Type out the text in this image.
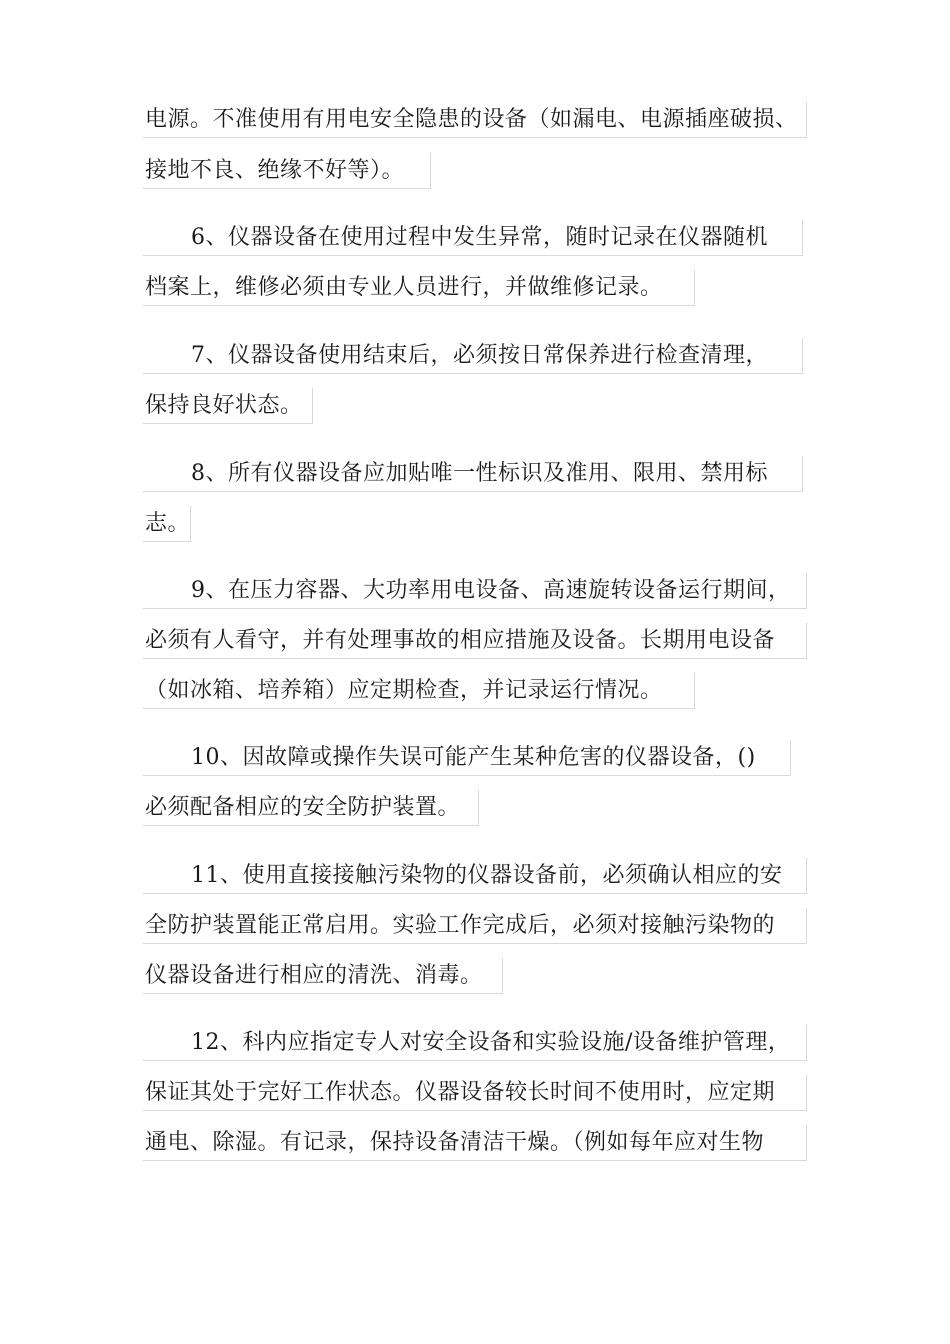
电源。不准使用有用电安全隐患的设备（如漏电、电源插座破损、
接地不良、绝缘不好等）。
6、仪器设备在使用过程中发生异常，随时记录在仪器随机
档案上，维修必须由专业人员进行，并做维修记录。
7、仪器设备使用结束后，必须按日常保养进行检查清理，
保持良好状态。
8、所有仪器设备应加贴唯一性标识及准用、限用、禁用标
志。
9、在压力容器、大功率用电设备、高速旋转设备运行期间，
必须有人看守，并有处理事故的相应措施及设备。长期用电设备
（如冰箱、培养箱）应定期检查，并记录运行情况。
10、因故障或操作失误可能产生某种危害的仪器设备，()
必须配备相应的安全防护装置。
11、使用直接接触污染物的仪器设备前，必须确认相应的安
全防护装置能正常启用。实验工作完成后，必须对接触污染物的
仪器设备进行相应的清洗、消毒。
12、科内应指定专人对安全设备和实验设施/设备维护管理，
保证其处于完好工作状态。仪器设备较长时间不使用时，应定期
通电、除湿。有记录，保持设备清洁干燥。（例如每年应对生物
